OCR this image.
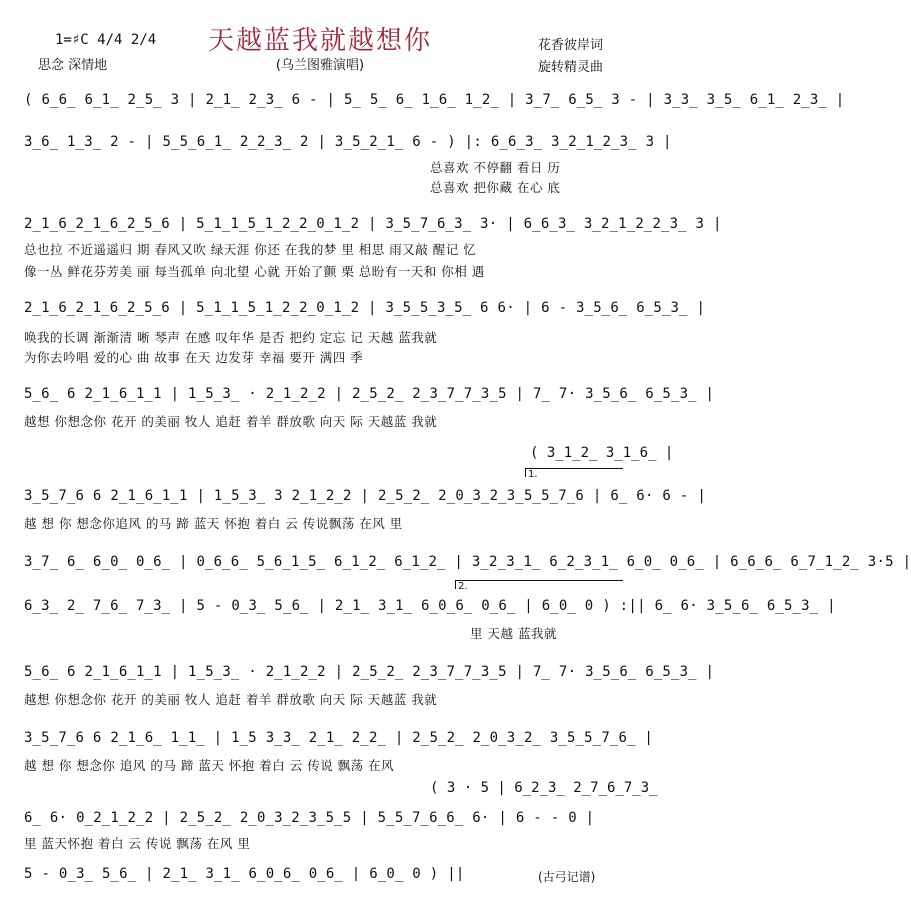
天越蓝我就越想你
(乌兰图雅演唱)
1=♯C 4/4 2/4
思念 深情地
花香彼岸词
旋转精灵曲
( 6̲6̲ 6̲1̲ 2̲5̲ 3 | 2̲1̲ 2̲3̲ 6 - | 5̲ 5̲ 6̲ 1̲6̲ 1̲2̲ | 3̲7̲ 6̲5̲ 3 - | 3̲3̲ 3̲5̲ 6̲1̲ 2̲3̲ |
3̲6̲ 1̲3̲ 2 - | 5̲5̲6̲1̲ 2̲2̲3̲ 2 | 3̲5̲2̲1̲ 6 - ) |: 6̲6̲3̲ 3̲2̲1̲2̲3̲ 3 |
总喜欢 不停翻 看日 历
总喜欢 把你藏 在心 底
2̲1̲6̲2̲1̲6̲2̲5̲6 | 5̲1̲1̲5̲1̲2̲2̲0̲1̲2 | 3̲5̲7̲6̲3̲ 3· | 6̲6̲3̲ 3̲2̲1̲2̲2̲3̲ 3 |
总也拉 不近遥遥归 期 春风又吹 绿天涯 你还 在我的梦 里 相思 雨又敲 醒记 忆
像一丛 鲜花芬芳美 丽 每当孤单 向北望 心就 开始了颤 栗 总盼有一天和 你相 遇
2̲1̲6̲2̲1̲6̲2̲5̲6 | 5̲1̲1̲5̲1̲2̲2̲0̲1̲2 | 3̲5̲5̲3̲5̲ 6 6· | 6 - 3̲5̲6̲ 6̲5̲3̲ |
唤我的长调 渐渐清 晰 琴声 在感 叹年华 是否 把约 定忘 记 天越 蓝我就
为你去吟唱 爱的心 曲 故事 在天 边发芽 幸福 要开 满四 季
5̲6̲ 6 2̲1̲6̲1̲1 | 1̲5̲3̲ · 2̲1̲2̲2 | 2̲5̲2̲ 2̲3̲7̲7̲3̲5 | 7̲ 7· 3̲5̲6̲ 6̲5̲3̲ |
越想 你想念你 花开 的美丽 牧人 追赶 着羊 群放歌 向天 际 天越蓝 我就
( 3̲1̲2̲ 3̲1̲6̲ |
1.
3̲5̲7̲6 6 2̲1̲6̲1̲1 | 1̲5̲3̲ 3 2̲1̲2̲2 | 2̲5̲2̲ 2̲0̲3̲2̲3̲5̲5̲7̲6 | 6̲ 6· 6 - |
越 想 你 想念你追风 的马 蹄 蓝天 怀抱 着白 云 传说飘荡 在风 里
3̲7̲ 6̲ 6̲0̲ 0̲6̲ | 0̲6̲6̲ 5̲6̲1̲5̲ 6̲1̲2̲ 6̲1̲2̲ | 3̲2̲3̲1̲ 6̲2̲3̲1̲ 6̲0̲ 0̲6̲ | 6̲6̲6̲ 6̲7̲1̲2̲ 3·5 |
2.
6̲3̲ 2̲ 7̲6̲ 7̲3̲ | 5 - 0̲3̲ 5̲6̲ | 2̲1̲ 3̲1̲ 6̲0̲6̲ 0̲6̲ | 6̲0̲ 0 ) :|| 6̲ 6· 3̲5̲6̲ 6̲5̲3̲ |
里 天越 蓝我就
5̲6̲ 6 2̲1̲6̲1̲1 | 1̲5̲3̲ · 2̲1̲2̲2 | 2̲5̲2̲ 2̲3̲7̲7̲3̲5 | 7̲ 7· 3̲5̲6̲ 6̲5̲3̲ |
越想 你想念你 花开 的美丽 牧人 追赶 着羊 群放歌 向天 际 天越蓝 我就
3̲5̲7̲6 6 2̲1̲6̲ 1̲1̲ | 1̲5 3̲3̲ 2̲1̲ 2̲2̲ | 2̲5̲2̲ 2̲0̲3̲2̲ 3̲5̲5̲7̲6̲ |
越 想 你 想念你 追风 的马 蹄 蓝天 怀抱 着白 云 传说 飘荡 在风
( 3 · 5 | 6̲2̲3̲ 2̲7̲6̲7̲3̲
6̲ 6· 0̲2̲1̲2̲2 | 2̲5̲2̲ 2̲0̲3̲2̲3̲5̲5 | 5̲5̲7̲6̲6̲ 6· | 6 - - 0 |
里 蓝天怀抱 着白 云 传说 飘荡 在风 里
5 - 0̲3̲ 5̲6̲ | 2̲1̲ 3̲1̲ 6̲0̲6̲ 0̲6̲ | 6̲0̲ 0 ) ||	(古弓记谱)
